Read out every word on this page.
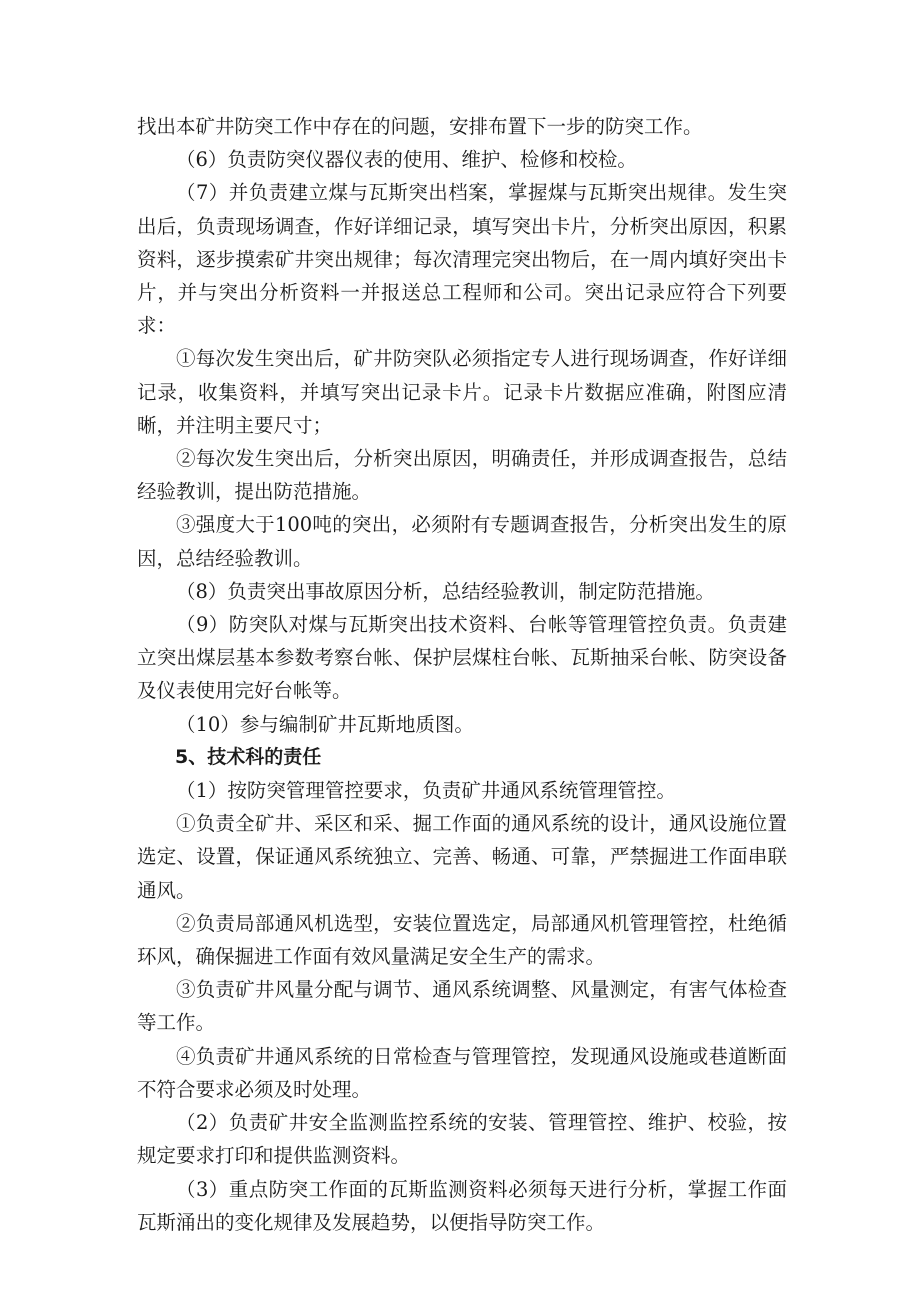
找出本矿井防突工作中存在的问题，安排布置下一步的防突工作。

（6）负责防突仪器仪表的使用、维护、检修和校检。

（7）并负责建立煤与瓦斯突出档案，掌握煤与瓦斯突出规律。发生突出后，负责现场调查，作好详细记录，填写突出卡片，分析突出原因，积累资料，逐步摸索矿井突出规律；每次清理完突出物后，在一周内填好突出卡片，并与突出分析资料一并报送总工程师和公司。突出记录应符合下列要求：

①每次发生突出后，矿井防突队必须指定专人进行现场调查，作好详细记录，收集资料，并填写突出记录卡片。记录卡片数据应准确，附图应清晰，并注明主要尺寸；

②每次发生突出后，分析突出原因，明确责任，并形成调查报告，总结经验教训，提出防范措施。

③强度大于100吨的突出，必须附有专题调查报告，分析突出发生的原因，总结经验教训。

（8）负责突出事故原因分析，总结经验教训，制定防范措施。

（9）防突队对煤与瓦斯突出技术资料、台帐等管理管控负责。负责建立突出煤层基本参数考察台帐、保护层煤柱台帐、瓦斯抽采台帐、防突设备及仪表使用完好台帐等。

（10）参与编制矿井瓦斯地质图。

5、技术科的责任

（1）按防突管理管控要求，负责矿井通风系统管理管控。

①负责全矿井、采区和采、掘工作面的通风系统的设计，通风设施位置选定、设置，保证通风系统独立、完善、畅通、可靠，严禁掘进工作面串联通风。

②负责局部通风机选型，安装位置选定，局部通风机管理管控，杜绝循环风，确保掘进工作面有效风量满足安全生产的需求。

③负责矿井风量分配与调节、通风系统调整、风量测定，有害气体检查等工作。

④负责矿井通风系统的日常检查与管理管控，发现通风设施或巷道断面不符合要求必须及时处理。

（2）负责矿井安全监测监控系统的安装、管理管控、维护、校验，按规定要求打印和提供监测资料。

（3）重点防突工作面的瓦斯监测资料必须每天进行分析，掌握工作面瓦斯涌出的变化规律及发展趋势，以便指导防突工作。
